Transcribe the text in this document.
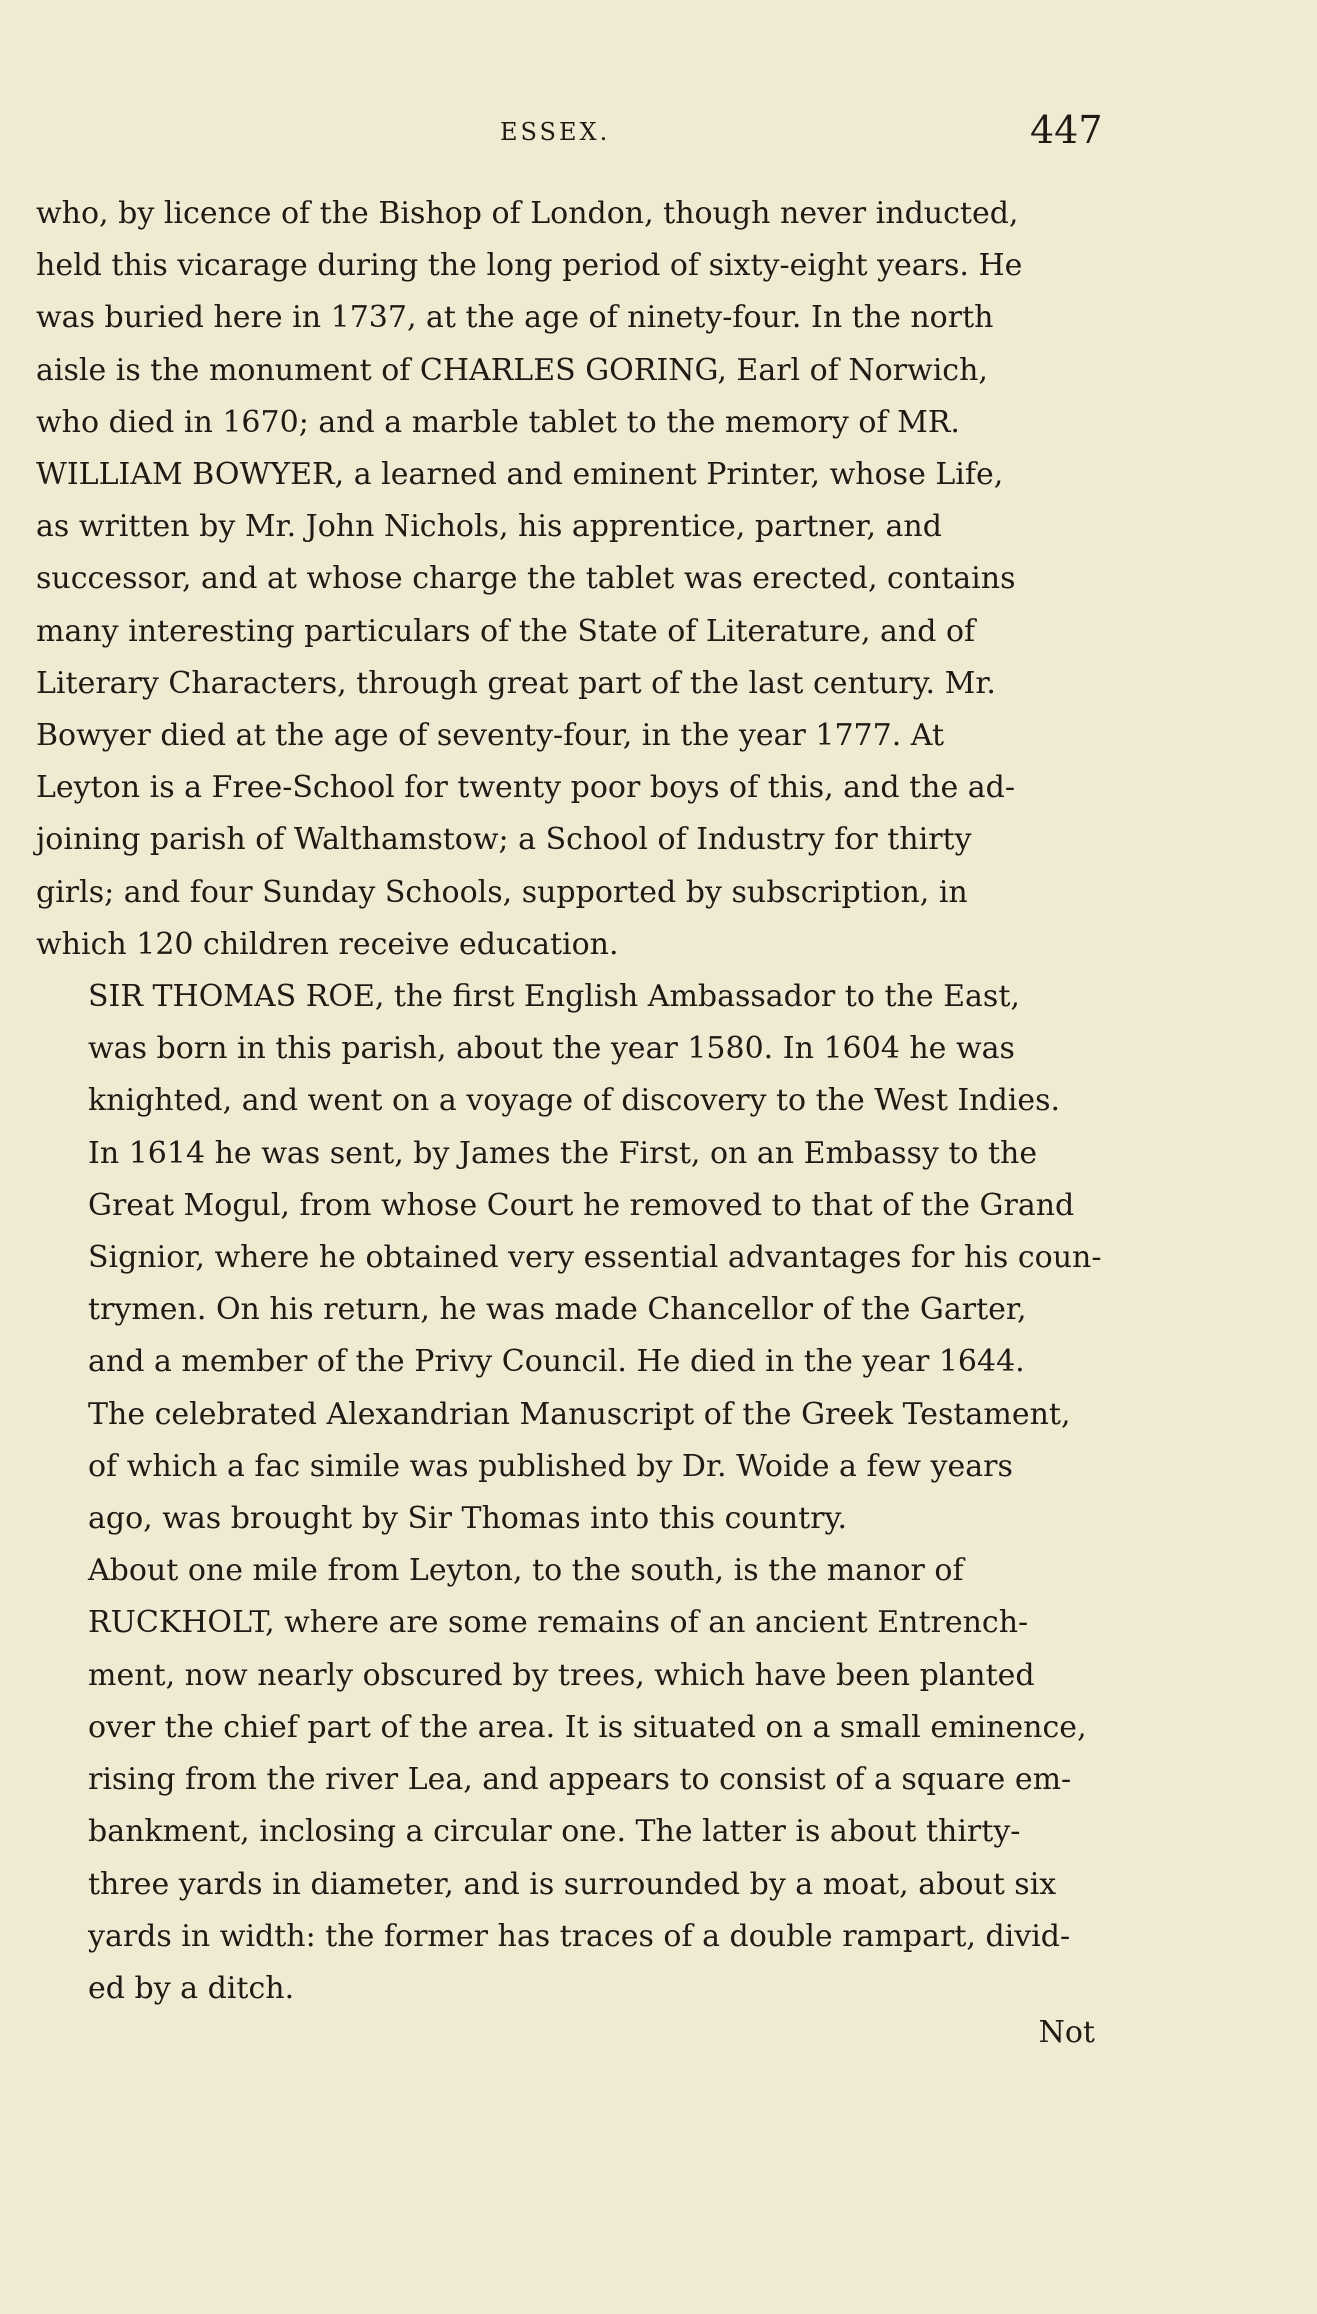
ESSEX.	447

who, by licence of the Bishop of London, though never inducted,
held this vicarage during the long period of sixty-eight years. He
was buried here in 1737, at the age of ninety-four. In the north
aisle is the monument of CHARLES GORING, Earl of Norwich,
who died in 1670; and a marble tablet to the memory of MR.
WILLIAM BOWYER, a learned and eminent Printer, whose Life,
as written by Mr. John Nichols, his apprentice, partner, and
successor, and at whose charge the tablet was erected, contains
many interesting particulars of the State of Literature, and of
Literary Characters, through great part of the last century. Mr.
Bowyer died at the age of seventy-four, in the year 1777. At
Leyton is a Free-School for twenty poor boys of this, and the ad-
joining parish of Walthamstow; a School of Industry for thirty
girls; and four Sunday Schools, supported by subscription, in
which 120 children receive education.

SIR THOMAS ROE, the first English Ambassador to the East,
was born in this parish, about the year 1580. In 1604 he was
knighted, and went on a voyage of discovery to the West Indies.
In 1614 he was sent, by James the First, on an Embassy to the
Great Mogul, from whose Court he removed to that of the Grand
Signior, where he obtained very essential advantages for his coun-
trymen. On his return, he was made Chancellor of the Garter,
and a member of the Privy Council. He died in the year 1644.
The celebrated Alexandrian Manuscript of the Greek Testament,
of which a fac simile was published by Dr. Woide a few years
ago, was brought by Sir Thomas into this country.

About one mile from Leyton, to the south, is the manor of
RUCKHOLT, where are some remains of an ancient Entrench-
ment, now nearly obscured by trees, which have been planted
over the chief part of the area. It is situated on a small eminence,
rising from the river Lea, and appears to consist of a square em-
bankment, inclosing a circular one. The latter is about thirty-
three yards in diameter, and is surrounded by a moat, about six
yards in width: the former has traces of a double rampart, divid-
ed by a ditch.

Not
